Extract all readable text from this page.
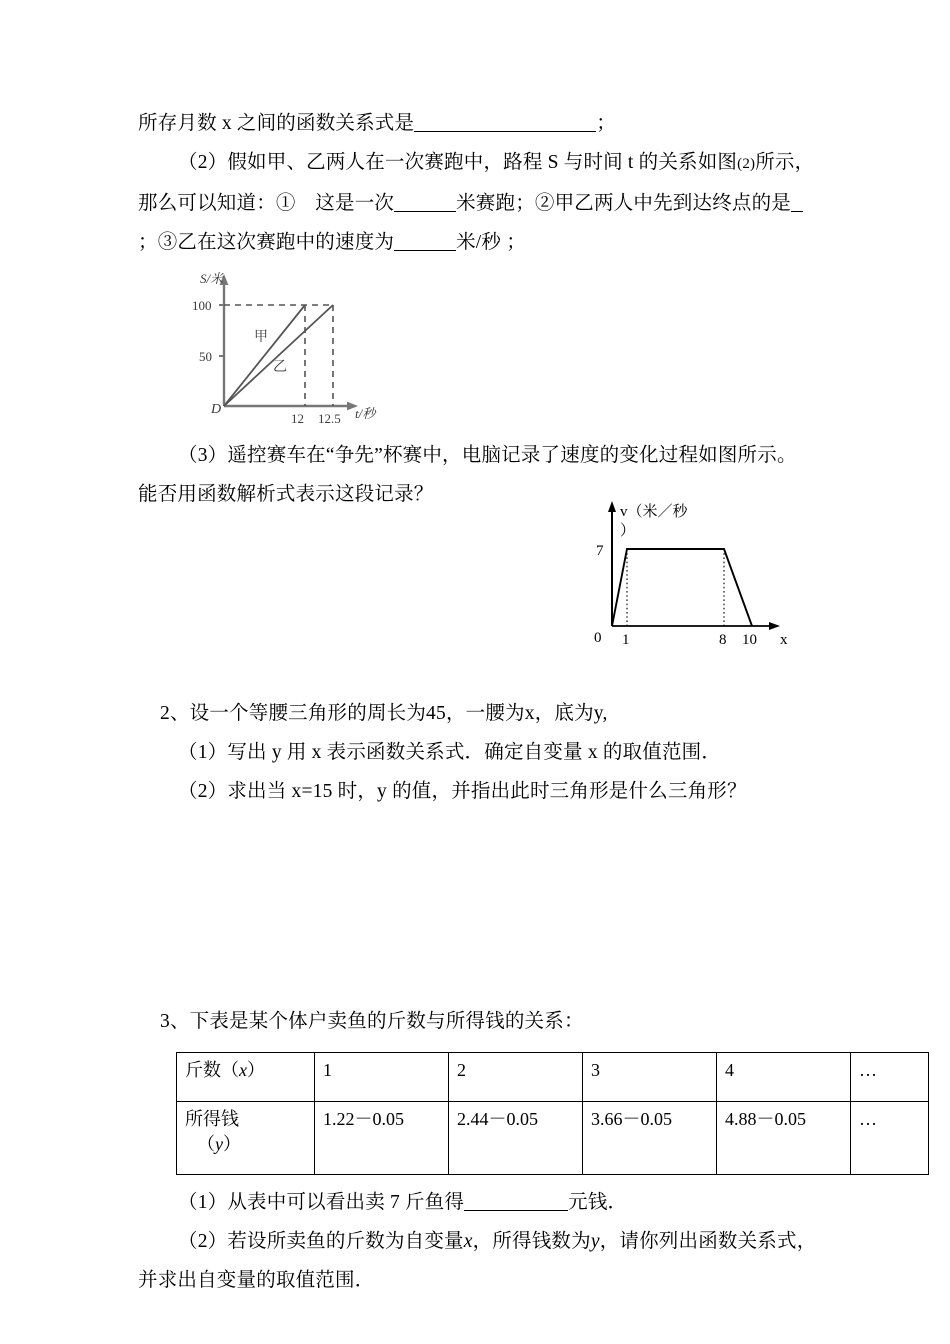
所存月数 x 之间的函数关系式是	；

（2）假如甲、乙两人在一次赛跑中，路程 S 与时间 t 的关系如图(2)所示，

那么可以知道：①　这是一次	米赛跑；②甲乙两人中先到达终点的是

；③乙在这次赛跑中的速度为	米/秒 ；

S/米
100
50
D
12 12.5 t/秒
甲
乙

（3）遥控赛车在“争先”杯赛中，电脑记录了速度的变化过程如图所示。

能否用函数解析式表示这段记录？

v（米／秒
）
7
0 1	8 10 x

2、设一个等腰三角形的周长为45，一腰为x，底为y,

（1）写出 y 用 x 表示函数关系式．确定自变量 x 的取值范围．

（2）求出当 x=15 时，y 的值，并指出此时三角形是什么三角形？

3、下表是某个体户卖鱼的斤数与所得钱的关系：

斤数（x）	1	2	3	4	…
所得钱
（y）	1.22－0.05	2.44－0.05	3.66－0.05	4.88－0.05	…

（1）从表中可以看出卖 7 斤鱼得	元钱．

（2）若设所卖鱼的斤数为自变量x，所得钱数为y，请你列出函数关系式，

并求出自变量的取值范围．
